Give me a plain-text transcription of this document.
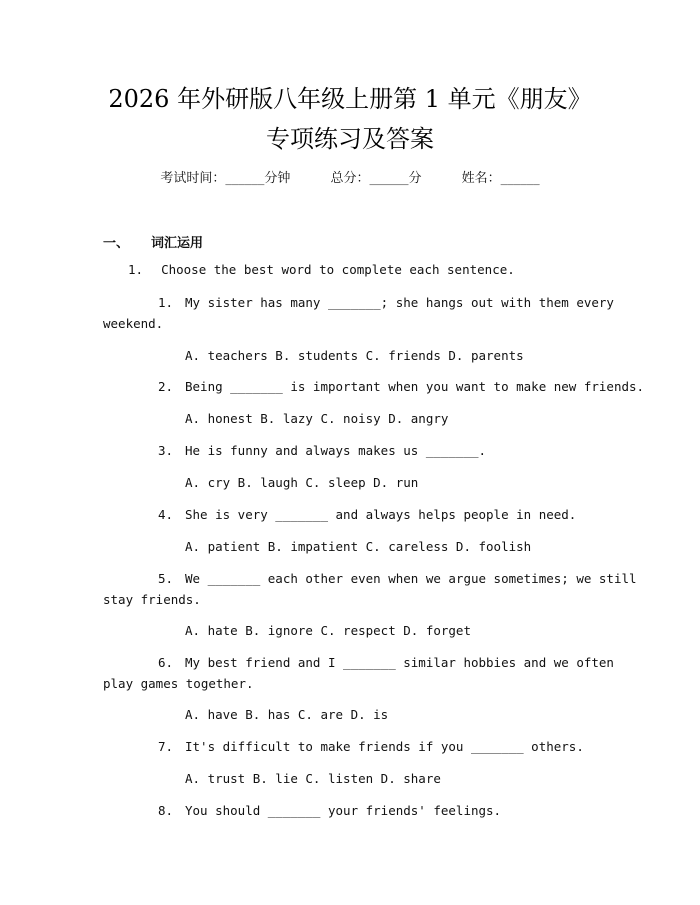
2026 年外研版八年级上册第 1 单元《朋友》
专项练习及答案
考试时间：______分钟	总分：______分	姓名：______
一、 词汇运用
1. Choose the best word to complete each sentence.
1. My sister has many _______; she hangs out with them every
weekend.
A. teachers B. students C. friends D. parents
2. Being _______ is important when you want to make new friends.
A. honest B. lazy C. noisy D. angry
3. He is funny and always makes us _______.
A. cry B. laugh C. sleep D. run
4. She is very _______ and always helps people in need.
A. patient B. impatient C. careless D. foolish
5. We _______ each other even when we argue sometimes; we still
stay friends.
A. hate B. ignore C. respect D. forget
6. My best friend and I _______ similar hobbies and we often
play games together.
A. have B. has C. are D. is
7. It's difficult to make friends if you _______ others.
A. trust B. lie C. listen D. share
8. You should _______ your friends' feelings.
